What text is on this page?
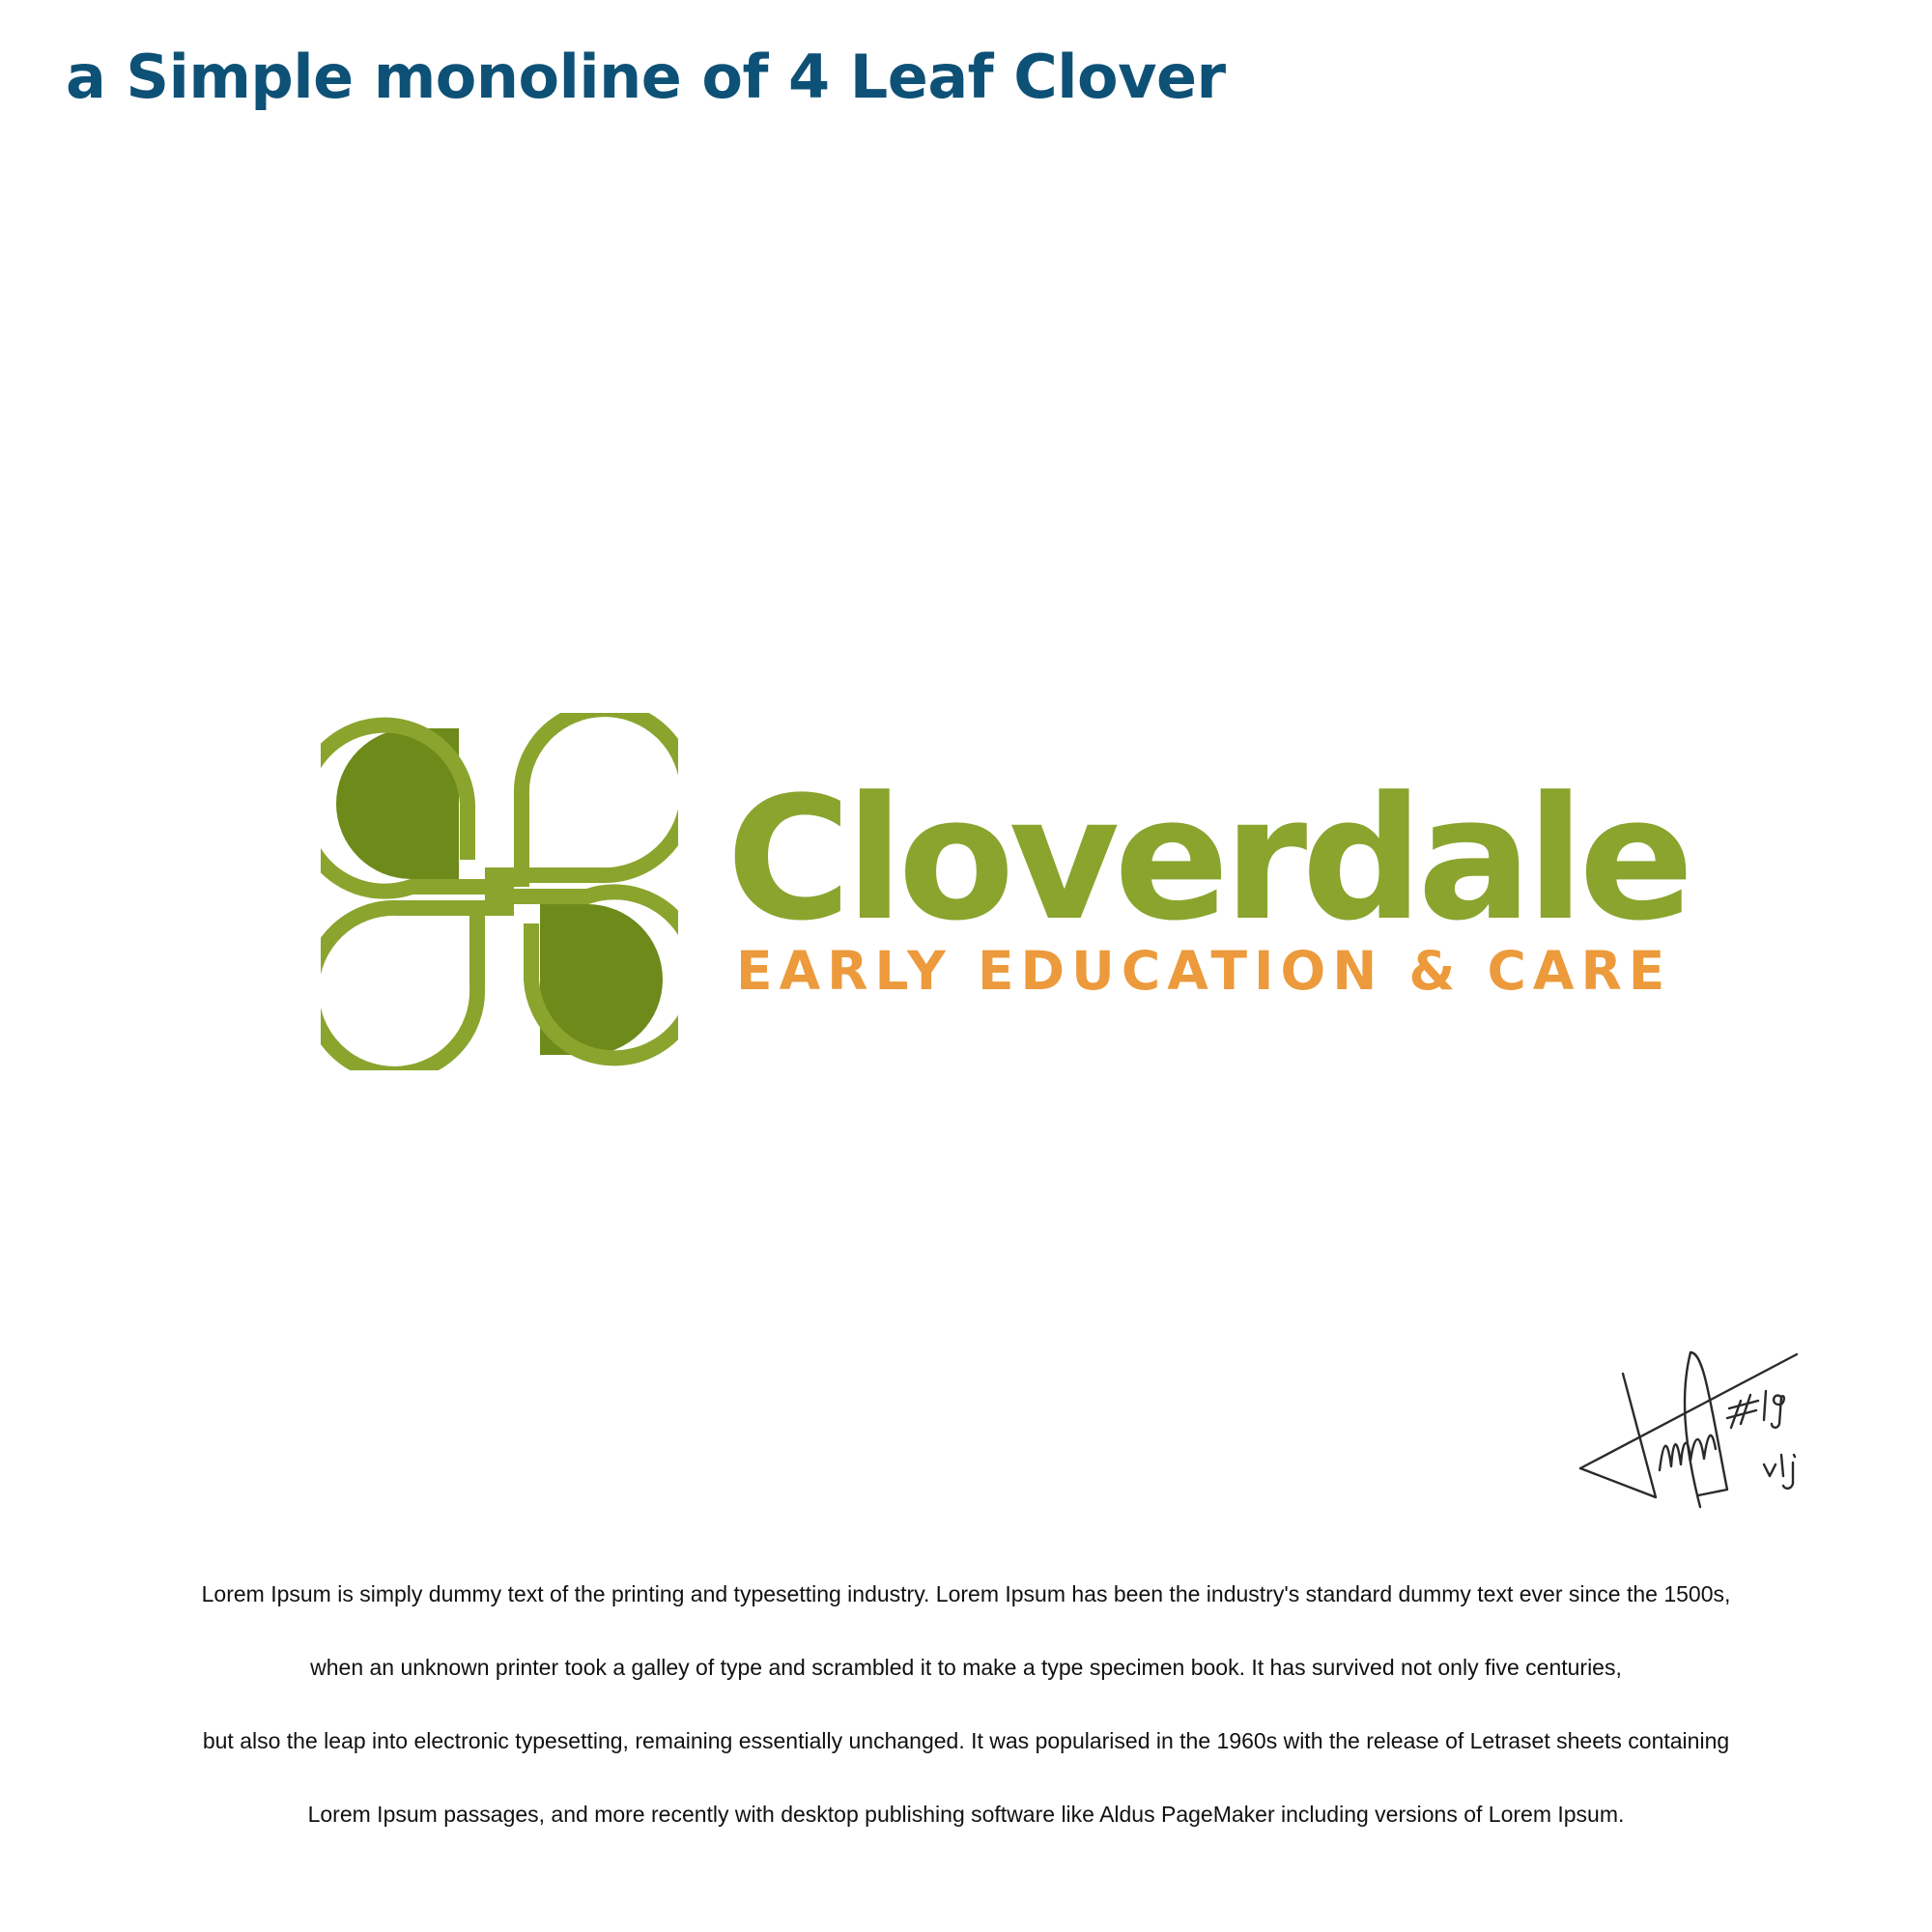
a Simple monoline of 4 Leaf Clover
Cloverdale
EARLY EDUCATION & CARE
Lorem Ipsum is simply dummy text of the printing and typesetting industry. Lorem Ipsum has been the industry's standard dummy text ever since the 1500s,
when an unknown printer took a galley of type and scrambled it to make a type specimen book. It has survived not only five centuries,
but also the leap into electronic typesetting, remaining essentially unchanged. It was popularised in the 1960s with the release of Letraset sheets containing
Lorem Ipsum passages, and more recently with desktop publishing software like Aldus PageMaker including versions of Lorem Ipsum.
